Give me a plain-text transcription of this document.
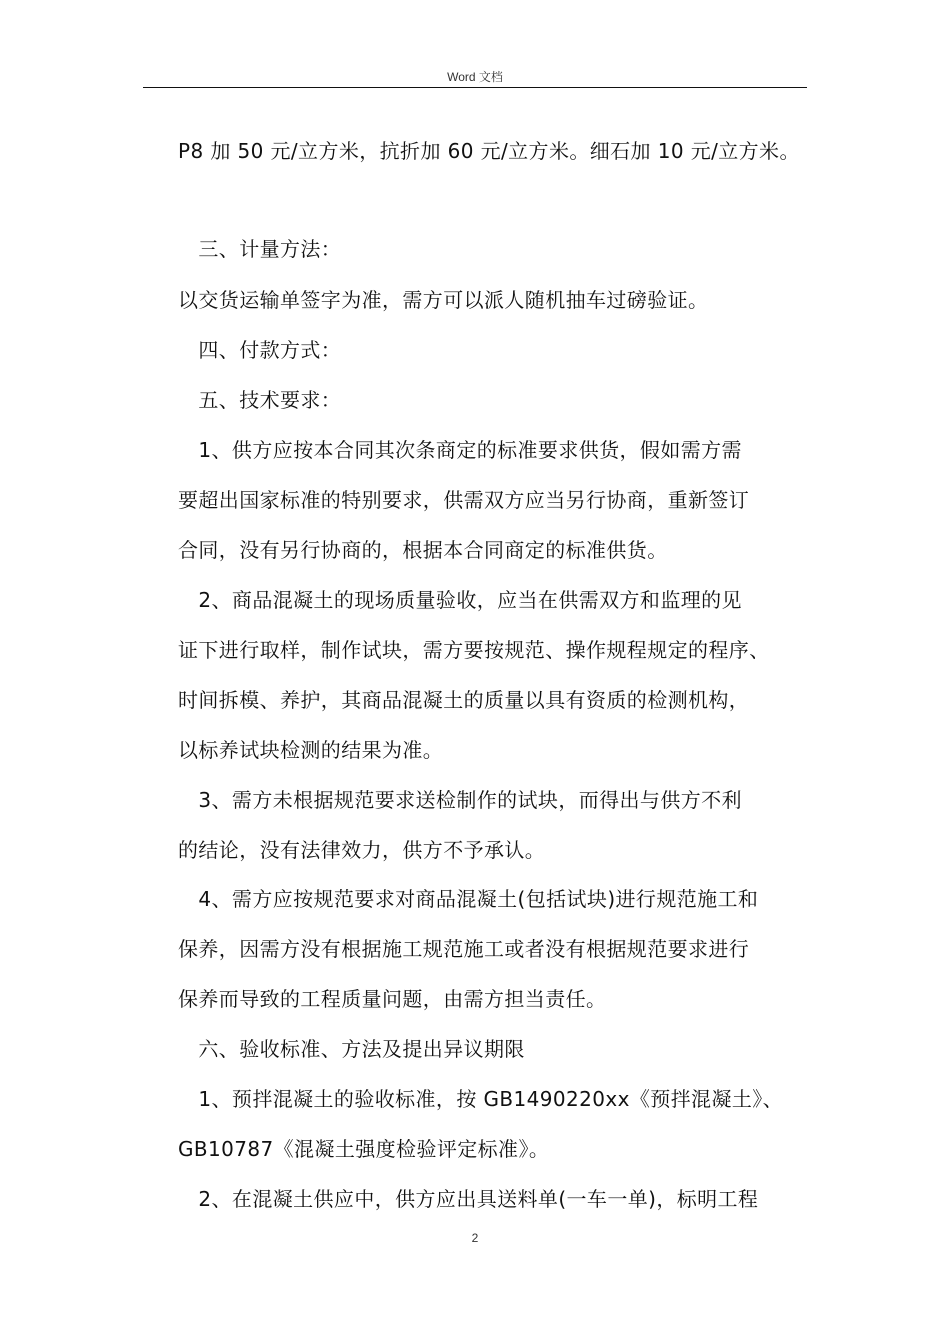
Word 文档
P8 加 50 元/立方米，抗折加 60 元/立方米。细石加 10 元/立方米。
　三、计量方法：
以交货运输单签字为准，需方可以派人随机抽车过磅验证。
　四、付款方式：
　五、技术要求：
　1、供方应按本合同其次条商定的标准要求供货，假如需方需
要超出国家标准的特别要求，供需双方应当另行协商，重新签订
合同，没有另行协商的，根据本合同商定的标准供货。
　2、商品混凝土的现场质量验收，应当在供需双方和监理的见
证下进行取样，制作试块，需方要按规范、操作规程规定的程序、
时间拆模、养护，其商品混凝土的质量以具有资质的检测机构，
以标养试块检测的结果为准。
　3、需方未根据规范要求送检制作的试块，而得出与供方不利
的结论，没有法律效力，供方不予承认。
　4、需方应按规范要求对商品混凝土(包括试块)进行规范施工和
保养，因需方没有根据施工规范施工或者没有根据规范要求进行
保养而导致的工程质量问题，由需方担当责任。
　六、验收标准、方法及提出异议期限
　1、预拌混凝土的验收标准，按 GB1490220xx《预拌混凝土》、
GB10787《混凝土强度检验评定标准》。
　2、在混凝土供应中，供方应出具送料单(一车一单)，标明工程
2
